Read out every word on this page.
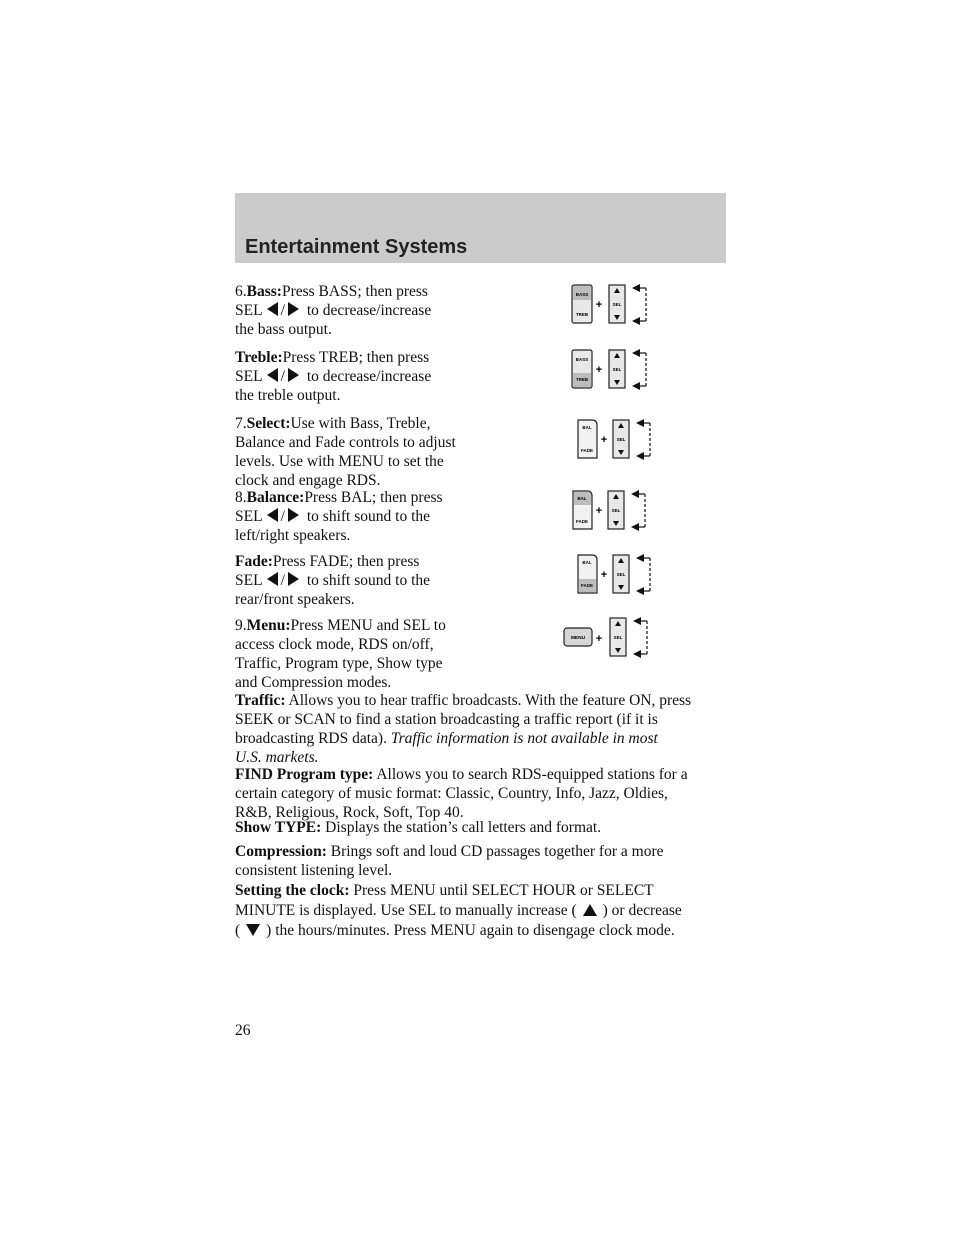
Entertainment Systems
6.Bass:Press BASS; then press
SEL / to decrease/increase
the bass output.
Treble:Press TREB; then press
SEL / to decrease/increase
the treble output.
7.Select:Use with Bass, Treble,
Balance and Fade controls to adjust
levels. Use with MENU to set the
clock and engage RDS.
8.Balance:Press BAL; then press
SEL / to shift sound to the
left/right speakers.
Fade:Press FADE; then press
SEL / to shift sound to the
rear/front speakers.
9.Menu:Press MENU and SEL to
access clock mode, RDS on/off,
Traffic, Program type, Show type
and Compression modes.
Traffic: Allows you to hear traffic broadcasts. With the feature ON, press
SEEK or SCAN to find a station broadcasting a traffic report (if it is
broadcasting RDS data). Traffic information is not available in most
U.S. markets.
FIND Program type: Allows you to search RDS-equipped stations for a
certain category of music format: Classic, Country, Info, Jazz, Oldies,
R&B, Religious, Rock, Soft, Top 40.
Show TYPE: Displays the station’s call letters and format.
Compression: Brings soft and loud CD passages together for a more
consistent listening level.
Setting the clock: Press MENU until SELECT HOUR or SELECT
MINUTE is displayed. Use SEL to manually increase ( ) or decrease
( ) the hours/minutes. Press MENU again to disengage clock mode.
BASS
TREB
+ SEL
BASS
TREB
+ SEL
BAL
FADE
+ SEL
BAL
FADE
+ SEL
BAL
FADE
+ SEL
MENU +	SEL
26
